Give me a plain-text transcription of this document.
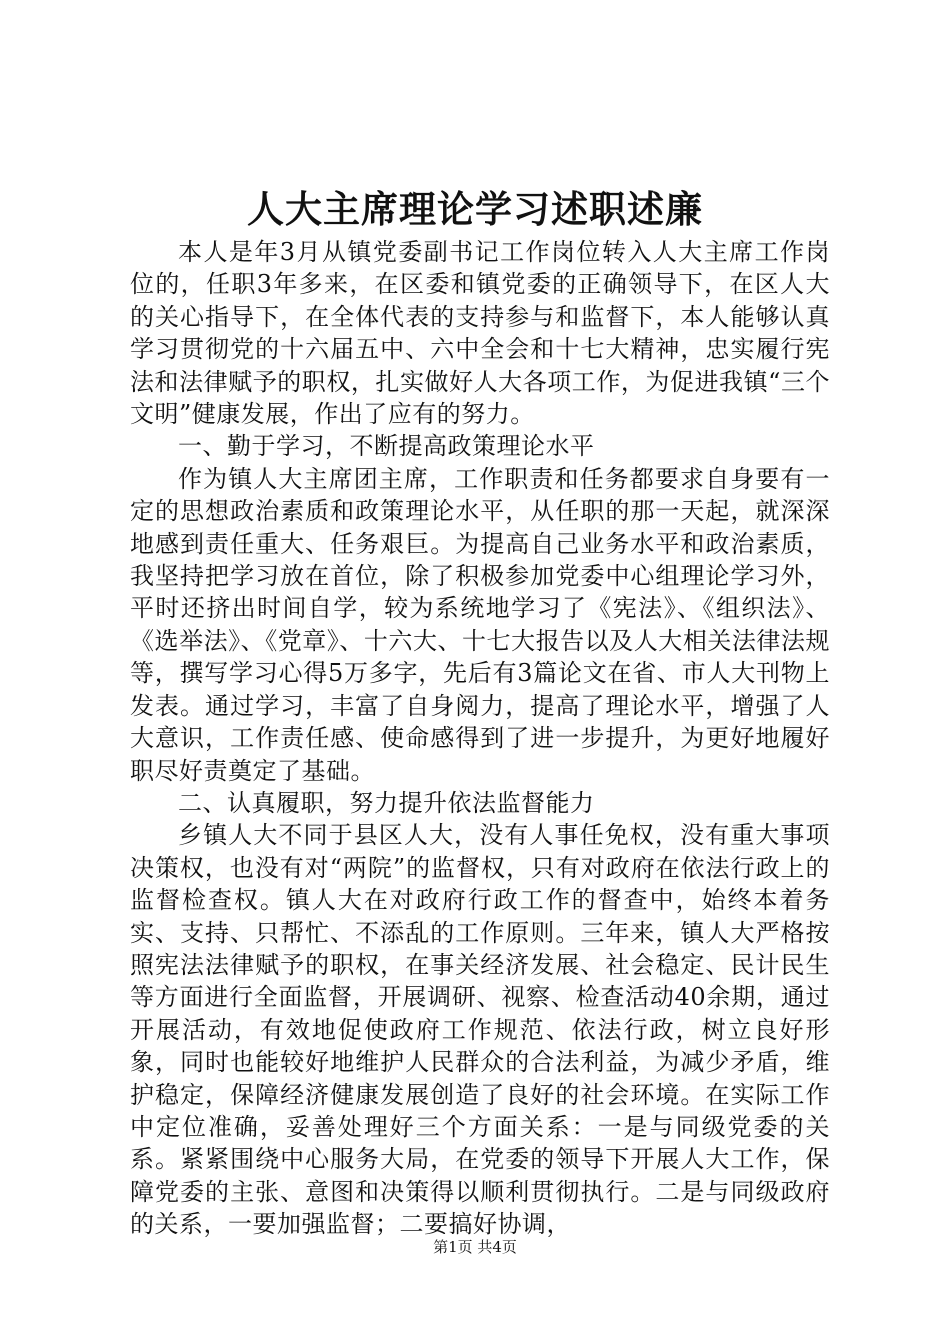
人大主席理论学习述职述廉

本人是年3月从镇党委副书记工作岗位转入人大主席工作岗位的，任职3年多来，在区委和镇党委的正确领导下，在区人大的关心指导下，在全体代表的支持参与和监督下，本人能够认真学习贯彻党的十六届五中、六中全会和十七大精神，忠实履行宪法和法律赋予的职权，扎实做好人大各项工作，为促进我镇“三个文明”健康发展，作出了应有的努力。

一、勤于学习，不断提高政策理论水平

作为镇人大主席团主席，工作职责和任务都要求自身要有一定的思想政治素质和政策理论水平，从任职的那一天起，就深深地感到责任重大、任务艰巨。为提高自己业务水平和政治素质，我坚持把学习放在首位，除了积极参加党委中心组理论学习外，平时还挤出时间自学，较为系统地学习了《宪法》、《组织法》、《选举法》、《党章》、十六大、十七大报告以及人大相关法律法规等，撰写学习心得5万多字，先后有3篇论文在省、市人大刊物上发表。通过学习，丰富了自身阅力，提高了理论水平，增强了人大意识，工作责任感、使命感得到了进一步提升，为更好地履好职尽好责奠定了基础。

二、认真履职，努力提升依法监督能力

乡镇人大不同于县区人大，没有人事任免权，没有重大事项决策权，也没有对“两院”的监督权，只有对政府在依法行政上的监督检查权。镇人大在对政府行政工作的督查中，始终本着务实、支持、只帮忙、不添乱的工作原则。三年来，镇人大严格按照宪法法律赋予的职权，在事关经济发展、社会稳定、民计民生等方面进行全面监督，开展调研、视察、检查活动40余期，通过开展活动，有效地促使政府工作规范、依法行政，树立良好形象，同时也能较好地维护人民群众的合法利益，为减少矛盾，维护稳定，保障经济健康发展创造了良好的社会环境。在实际工作中定位准确，妥善处理好三个方面关系：一是与同级党委的关系。紧紧围绕中心服务大局，在党委的领导下开展人大工作，保障党委的主张、意图和决策得以顺利贯彻执行。二是与同级政府的关系，一要加强监督；二要搞好协调，

第1页 共4页
